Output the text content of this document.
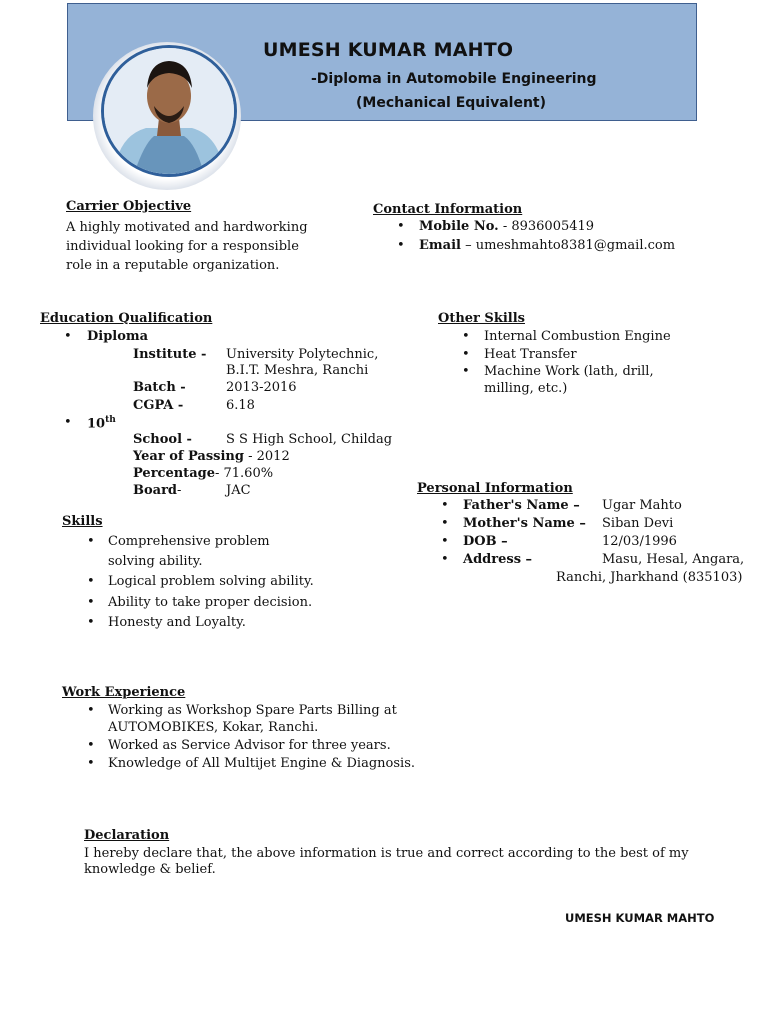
UMESH KUMAR MAHTO
-Diploma in Automobile Engineering
(Mechanical Equivalent)
Carrier Objective
A highly motivated and hardworking
individual looking for a responsible
role in a reputable organization.
Contact Information
• Mobile No. - 8936005419
• Email – umeshmahto8381@gmail.com
Education Qualification
• Diploma
Institute - University Polytechnic,
B.I.T. Meshra, Ranchi
Batch -	2013-2016
CGPA -	6.18
• 10th
School -	S S High School, Childag
Year of Passing - 2012
Percentage- 71.60%
Board-	JAC
Other Skills
• Internal Combustion Engine
• Heat Transfer
• Machine Work (lath, drill,
milling, etc.)
Personal Information
• Father's Name – Ugar Mahto
• Mother's Name – Siban Devi
• DOB –	12/03/1996
• Address –	Masu, Hesal, Angara,
Ranchi, Jharkhand (835103)
Skills
• Comprehensive problem
solving ability.
• Logical problem solving ability.
• Ability to take proper decision.
• Honesty and Loyalty.
Work Experience
• Working as Workshop Spare Parts Billing at
AUTOMOBIKES, Kokar, Ranchi.
• Worked as Service Advisor for three years.
• Knowledge of All Multijet Engine & Diagnosis.
Declaration
I hereby declare that, the above information is true and correct according to the best of my
knowledge & belief.
UMESH KUMAR MAHTO
